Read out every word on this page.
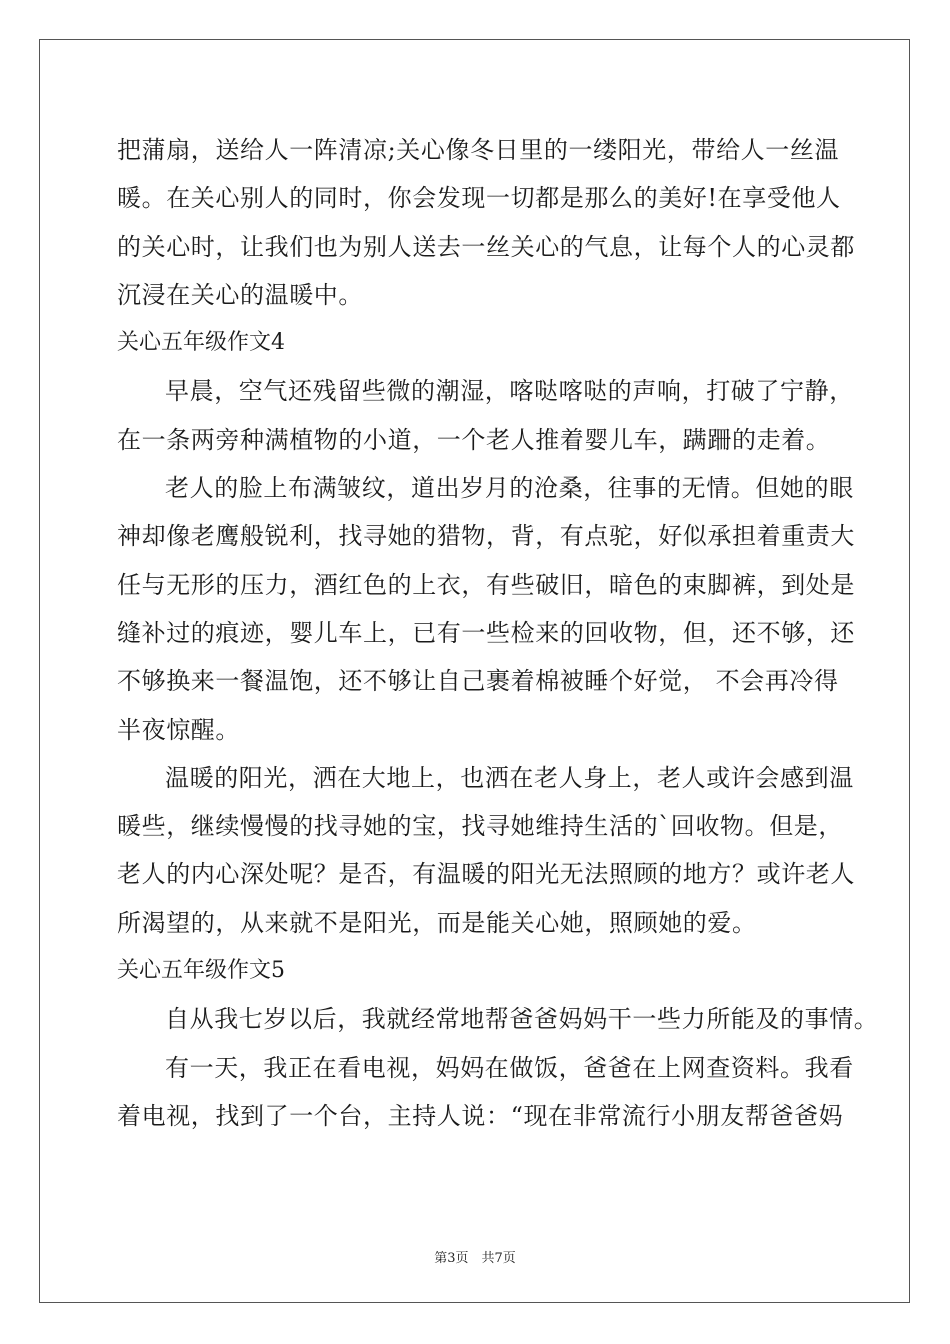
把蒲扇，送给人一阵清凉;关心像冬日里的一缕阳光，带给人一丝温
暖。在关心别人的同时，你会发现一切都是那么的美好!在享受他人
的关心时，让我们也为别人送去一丝关心的气息，让每个人的心灵都
沉浸在关心的温暖中。
关心五年级作文4
早晨，空气还残留些微的潮湿，喀哒喀哒的声响，打破了宁静，
在一条两旁种满植物的小道，一个老人推着婴儿车，蹒跚的走着。
老人的脸上布满皱纹，道出岁月的沧桑，往事的无情。但她的眼
神却像老鹰般锐利，找寻她的猎物，背，有点驼，好似承担着重责大
任与无形的压力，酒红色的上衣，有些破旧，暗色的束脚裤，到处是
缝补过的痕迹，婴儿车上，已有一些检来的回收物，但，还不够，还
不够换来一餐温饱，还不够让自己裹着棉被睡个好觉， 不会再冷得
半夜惊醒。
温暖的阳光，洒在大地上，也洒在老人身上，老人或许会感到温
暖些，继续慢慢的找寻她的宝，找寻她维持生活的`回收物。但是，
老人的内心深处呢？是否，有温暖的阳光无法照顾的地方？或许老人
所渴望的，从来就不是阳光，而是能关心她，照顾她的爱。
关心五年级作文5
自从我七岁以后，我就经常地帮爸爸妈妈干一些力所能及的事情。
有一天，我正在看电视，妈妈在做饭，爸爸在上网查资料。我看
着电视，找到了一个台，主持人说：“现在非常流行小朋友帮爸爸妈
第3页　共7页
